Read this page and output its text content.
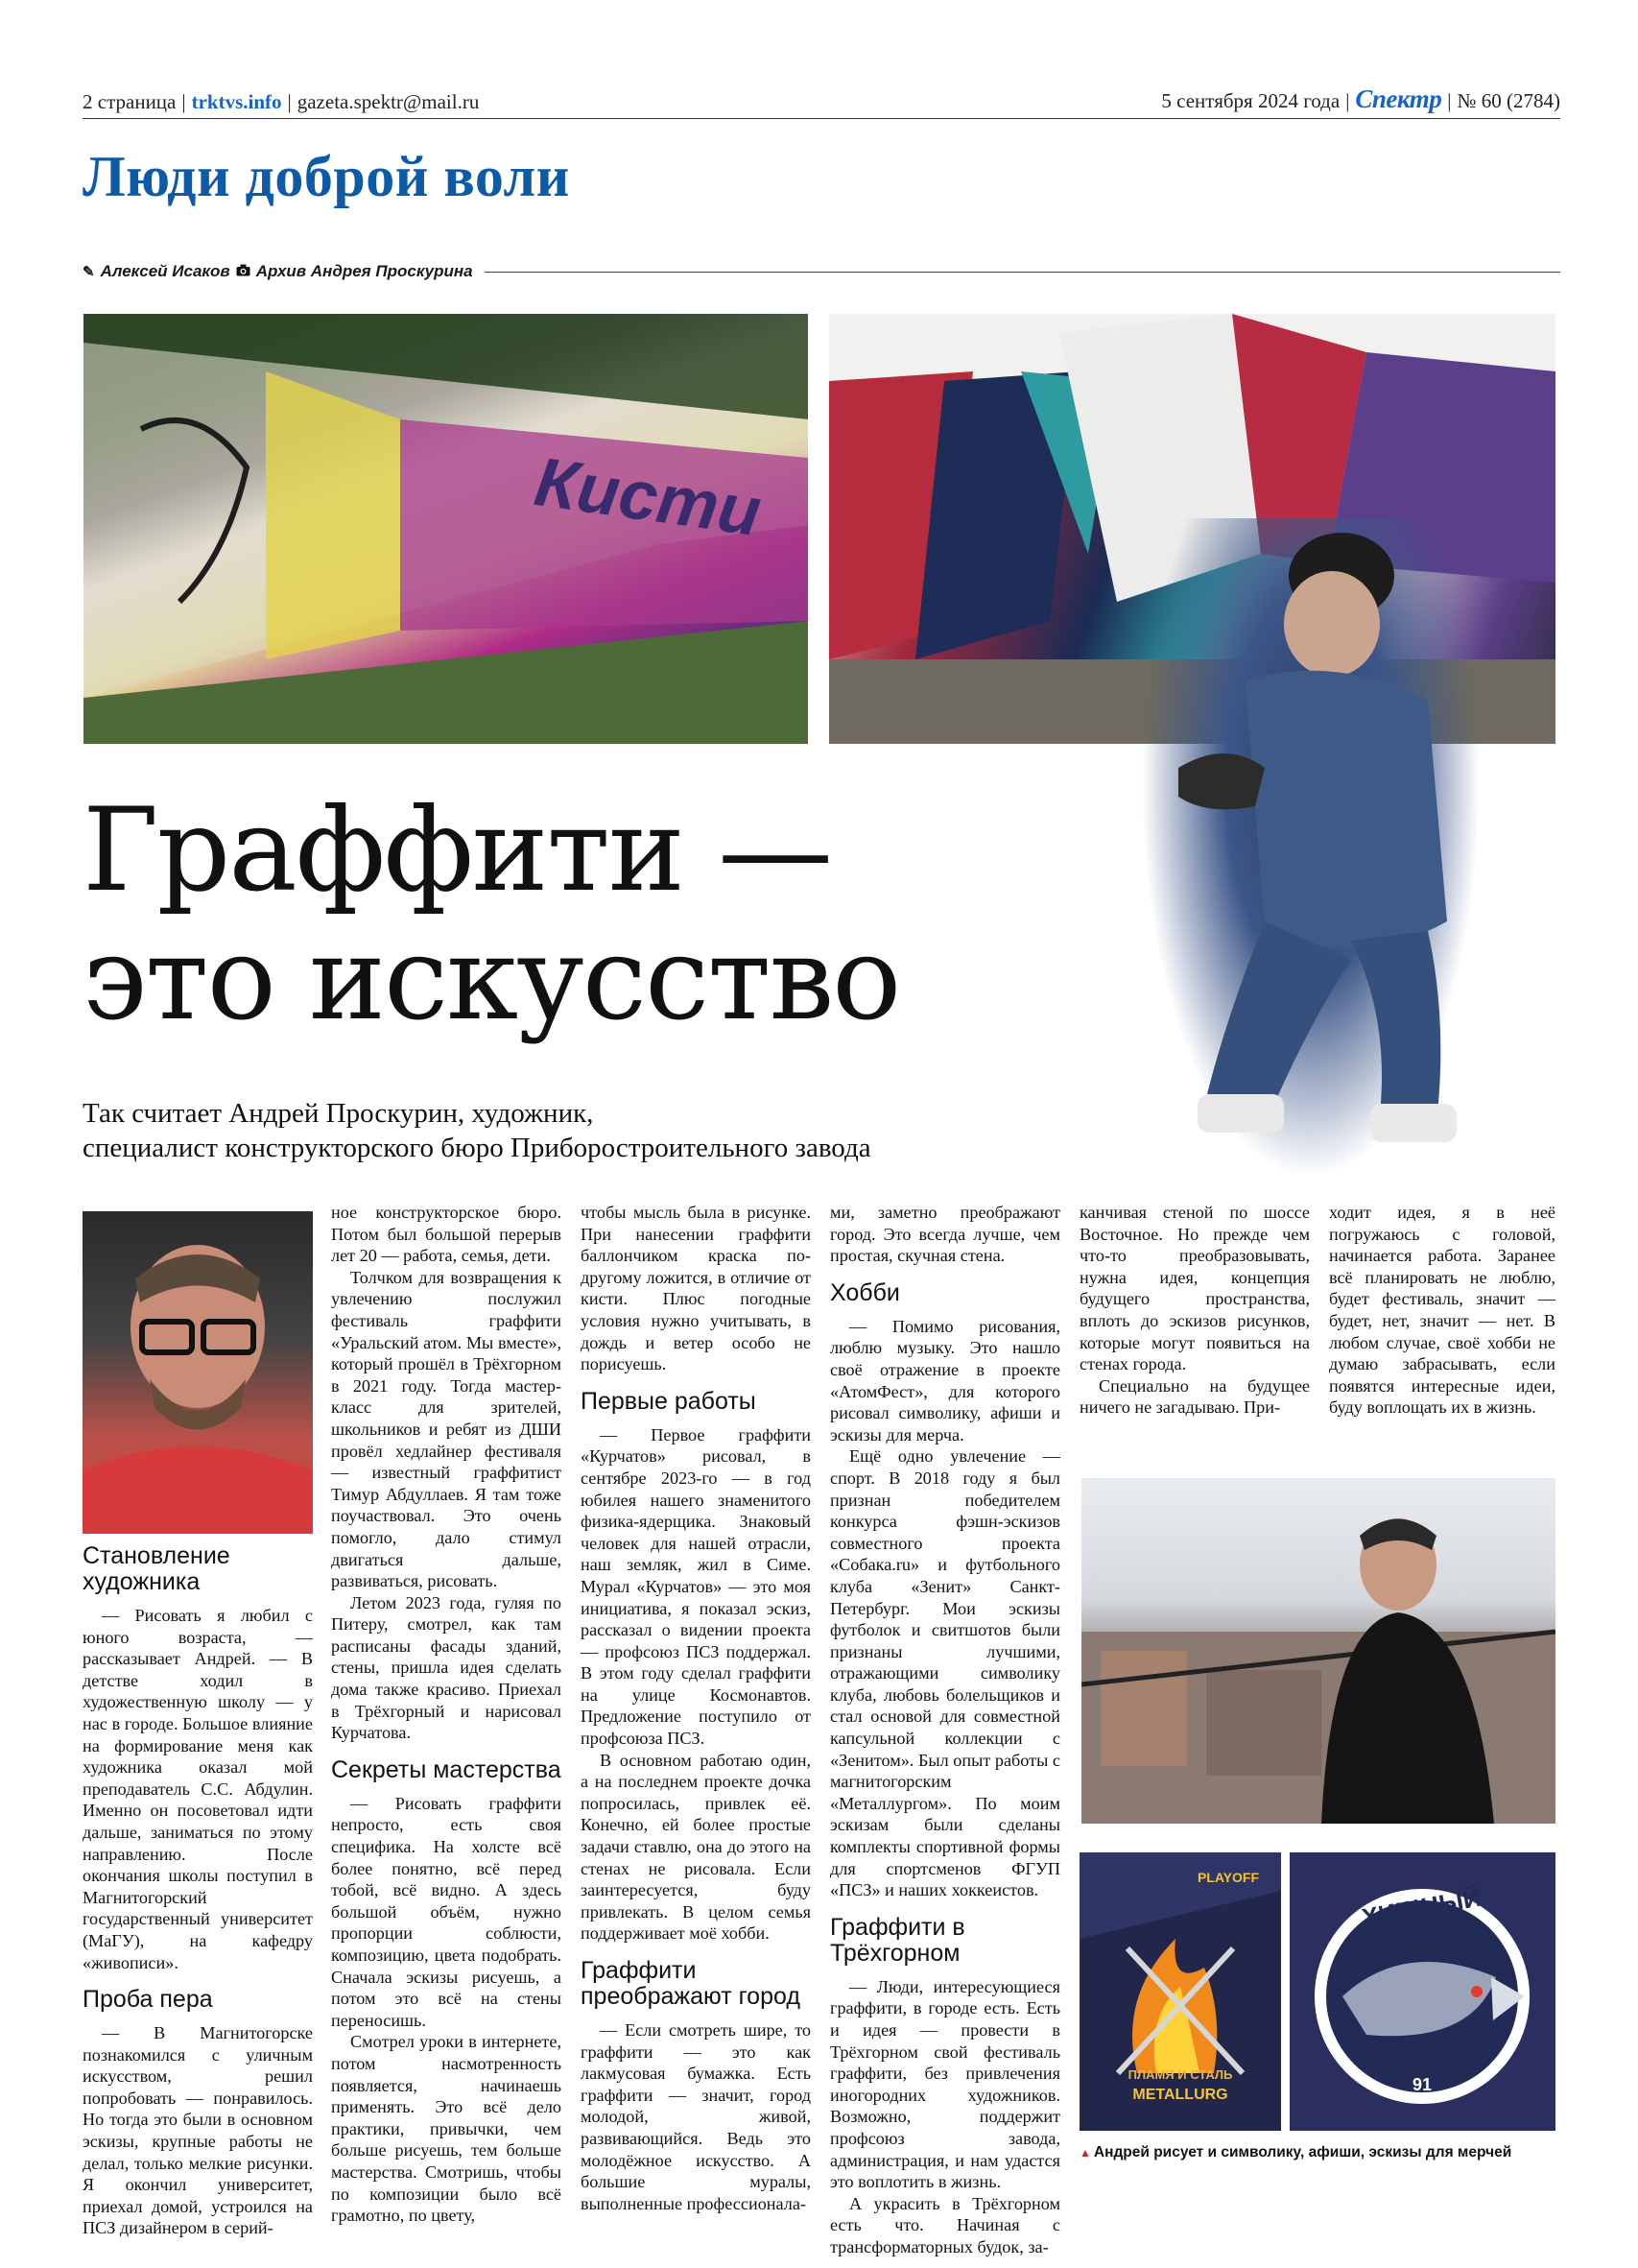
2 страница | trktvs.info | gazeta.spektr@mail.ru	5 сентября 2024 года | Спектр | № 60 (2784)
Люди доброй воли
✎ Алексей Исаков Архив Андрея Проскурина
Кисти
Граффити —
это искусство
Так считает Андрей Проскурин, художник,
специалист конструкторского бюро Приборостроительного завода
Становление художника

— Рисовать я любил с юного возраста, — рассказывает Андрей. — В детстве ходил в художественную школу — у нас в городе. Большое влияние на формирование меня как художника оказал мой преподаватель С.С. Абдулин. Именно он посоветовал идти дальше, заниматься по этому направлению. После окончания школы поступил в Магнитогорский государственный университет (МаГУ), на кафедру «живописи».

Проба пера

— В Магнитогорске познакомился с уличным искусством, решил попробовать — понравилось. Но тогда это были в основном эскизы, крупные работы не делал, только мелкие рисунки. Я окончил университет, приехал домой, устроился на ПСЗ дизайнером в серий-

ное конструкторское бюро. Потом был большой перерыв лет 20 — работа, семья, дети.

Толчком для возвращения к увлечению послужил фестиваль граффити «Уральский атом. Мы вместе», который прошёл в Трёхгорном в 2021 году. Тогда мастер-класс для зрителей, школьников и ребят из ДШИ провёл хедлайнер фестиваля — известный граффитист Тимур Абдуллаев. Я там тоже поучаствовал. Это очень помогло, дало стимул двигаться дальше, развиваться, рисовать.

Летом 2023 года, гуляя по Питеру, смотрел, как там расписаны фасады зданий, стены, пришла идея сделать дома также красиво. Приехал в Трёхгорный и нарисовал Курчатова.

Секреты мастерства

— Рисовать граффити непросто, есть своя специфика. На холсте всё более понятно, всё перед тобой, всё видно. А здесь большой объём, нужно пропорции соблюсти, композицию, цвета подобрать. Сначала эскизы рисуешь, а потом это всё на стены переносишь.

Смотрел уроки в интернете, потом насмотренность появляется, начинаешь применять. Это всё дело практики, привычки, чем больше рисуешь, тем больше мастерства. Смотришь, чтобы по композиции было всё грамотно, по цвету,

чтобы мысль была в рисунке. При нанесении граффити баллончиком краска по-другому ложится, в отличие от кисти. Плюс погодные условия нужно учитывать, в дождь и ветер особо не порисуешь.

Первые работы

— Первое граффити «Курчатов» рисовал, в сентябре 2023-го — в год юбилея нашего знаменитого физика-ядерщика. Знаковый человек для нашей отрасли, наш земляк, жил в Симе. Мурал «Курчатов» — это моя инициатива, я показал эскиз, рассказал о видении проекта — профсоюз ПСЗ поддержал. В этом году сделал граффити на улице Космонавтов. Предложение поступило от профсоюза ПСЗ.

В основном работаю один, а на последнем проекте дочка попросилась, привлек её. Конечно, ей более простые задачи ставлю, она до этого на стенах не рисовала. Если заинтересуется, буду привлекать. В целом семья поддерживает моё хобби.

Граффити преображают город

— Если смотреть шире, то граффити — это как лакмусовая бумажка. Есть граффити — значит, город молодой, живой, развивающийся. Ведь это молодёжное искусство. А большие муралы, выполненные профессионала-

ми, заметно преображают город. Это всегда лучше, чем простая, скучная стена.

Хобби

— Помимо рисования, люблю музыку. Это нашло своё отражение в проекте «АтомФест», для которого рисовал символику, афиши и эскизы для мерча.

Ещё одно увлечение — спорт. В 2018 году я был признан победителем конкурса фэшн-эскизов совместного проекта «Собака.ru» и футбольного клуба «Зенит» Санкт-Петербург. Мои эскизы футболок и свитшотов были признаны лучшими, отражающими символику клуба, любовь болельщиков и стал основой для совместной капсульной коллекции с «Зенитом». Был опыт работы с магнитогорским «Металлургом». По моим эскизам были сделаны комплекты спортивной формы для спортсменов ФГУП «ПСЗ» и наших хоккеистов.

Граффити в Трёхгорном

— Люди, интересующиеся граффити, в городе есть. Есть и идея — провести в Трёхгорном свой фестиваль граффити, без привлечения иногородних художников. Возможно, поддержит профсоюз завода, администрация, и нам удастся это воплотить в жизнь.

А украсить в Трёхгорном есть что. Начиная с трансформаторных будок, за-

канчивая стеной по шоссе Восточное. Но прежде чем что-то преобразовывать, нужна идея, концепция будущего пространства, вплоть до эскизов рисунков, которые могут появиться на стенах города.

Специально на будущее ничего не загадываю. При-

ходит идея, я в неё погружаюсь с головой, начинается работа. Заранее всё планировать не люблю, будет фестиваль, значит — будет, нет, значит — нет. В любом случае, своё хобби не думаю забрасывать, если появятся интересные идеи, буду воплощать их в жизнь.

PLAYOFF
ПЛАМЯ И СТАЛЬ
METALLURG
ХИЩНЫЙ КАРП
91
▲ Андрей рисует и символику, афиши, эскизы для мерчей
